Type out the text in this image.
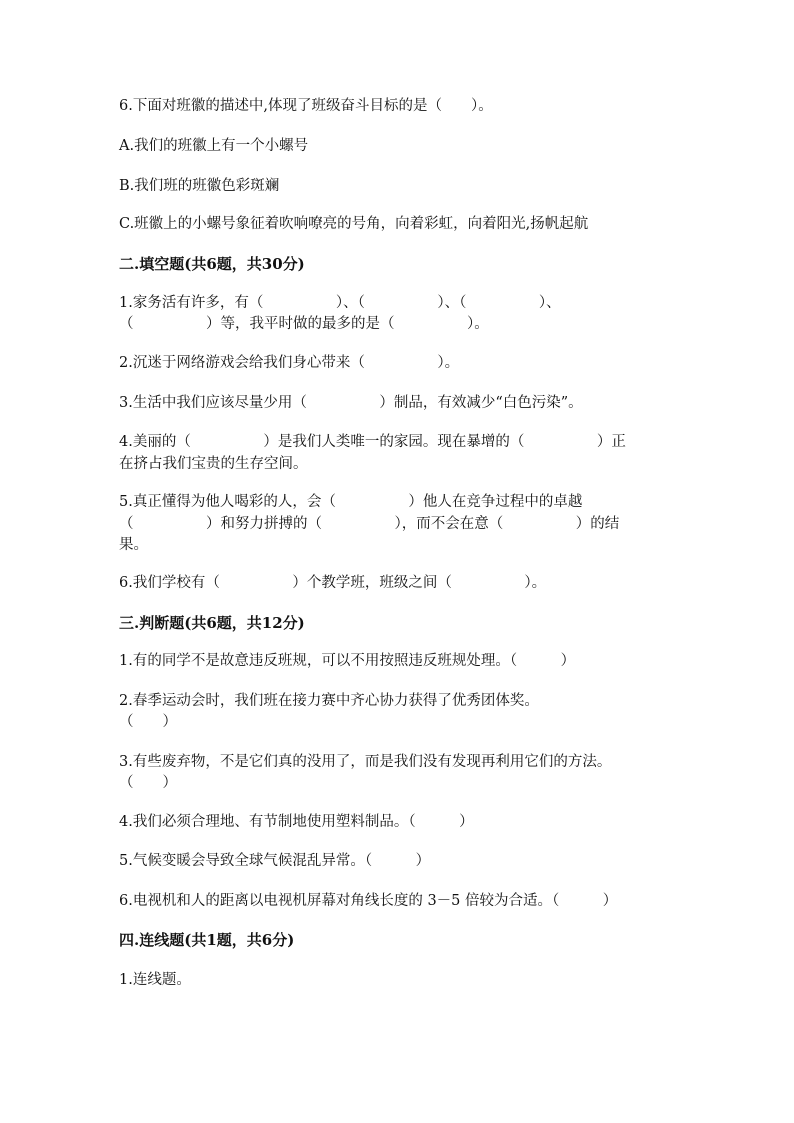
6.下面对班徽的描述中,体现了班级奋斗目标的是（　　）。
A.我们的班徽上有一个小螺号
B.我们班的班徽色彩斑斓
C.班徽上的小螺号象征着吹响嘹亮的号角，向着彩虹，向着阳光,扬帆起航
二.填空题(共6题，共30分)
1.家务活有许多，有（　　　　　）、（　　　　　）、（　　　　　）、
（　　　　　）等，我平时做的最多的是（　　　　　）。
2.沉迷于网络游戏会给我们身心带来（　　　　　）。
3.生活中我们应该尽量少用（　　　　　）制品，有效减少“白色污染”。
4.美丽的（　　　　　）是我们人类唯一的家园。现在暴增的（　　　　　）正
在挤占我们宝贵的生存空间。
5.真正懂得为他人喝彩的人，会（　　　　　）他人在竞争过程中的卓越
（　　　　　）和努力拼搏的（　　　　　），而不会在意（　　　　　）的结
果。
6.我们学校有（　　　　　）个教学班，班级之间（　　　　　）。
三.判断题(共6题，共12分)
1.有的同学不是故意违反班规，可以不用按照违反班规处理。（　　　）
2.春季运动会时，我们班在接力赛中齐心协力获得了优秀团体奖。
（　　）
3.有些废弃物，不是它们真的没用了，而是我们没有发现再利用它们的方法。
（　　）
4.我们必须合理地、有节制地使用塑料制品。（　　　）
5.气候变暖会导致全球气候混乱异常。（　　　）
6.电视机和人的距离以电视机屏幕对角线长度的 3－5 倍较为合适。（　　　）
四.连线题(共1题，共6分)
1.连线题。
